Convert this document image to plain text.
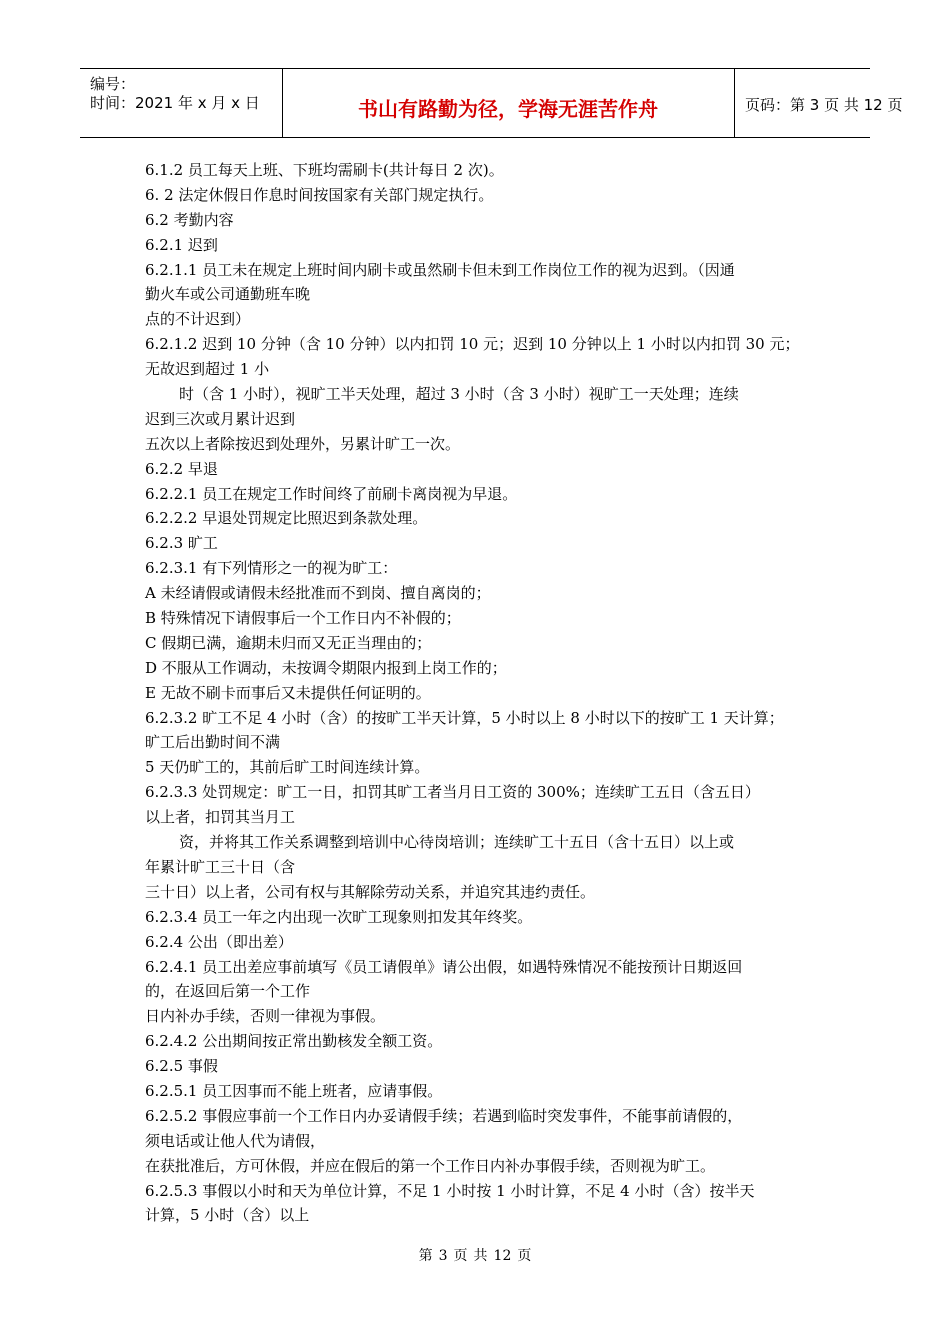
编号：
时间：2021 年 x 月 x 日	书山有路勤为径，学海无涯苦作舟	页码：第 3 页 共 12 页
6.1.2 员工每天上班、下班均需刷卡(共计每日 2 次)。
6. 2 法定休假日作息时间按国家有关部门规定执行。
6.2 考勤内容
6.2.1 迟到
6.2.1.1 员工未在规定上班时间内刷卡或虽然刷卡但未到工作岗位工作的视为迟到。（因通
勤火车或公司通勤班车晚
点的不计迟到）
6.2.1.2 迟到 10 分钟（含 10 分钟）以内扣罚 10 元；迟到 10 分钟以上 1 小时以内扣罚 30 元；
无故迟到超过 1 小
时（含 1 小时），视旷工半天处理，超过 3 小时（含 3 小时）视旷工一天处理；连续
迟到三次或月累计迟到
五次以上者除按迟到处理外，另累计旷工一次。
6.2.2 早退
6.2.2.1 员工在规定工作时间终了前刷卡离岗视为早退。
6.2.2.2 早退处罚规定比照迟到条款处理。
6.2.3 旷工
6.2.3.1 有下列情形之一的视为旷工：
A 未经请假或请假未经批准而不到岗、擅自离岗的；
B 特殊情况下请假事后一个工作日内不补假的；
C 假期已满，逾期未归而又无正当理由的；
D 不服从工作调动，未按调令期限内报到上岗工作的；
E 无故不刷卡而事后又未提供任何证明的。
6.2.3.2 旷工不足 4 小时（含）的按旷工半天计算，5 小时以上 8 小时以下的按旷工 1 天计算；
旷工后出勤时间不满
5 天仍旷工的，其前后旷工时间连续计算。
6.2.3.3 处罚规定：旷工一日，扣罚其旷工者当月日工资的 300%；连续旷工五日（含五日）
以上者，扣罚其当月工
资，并将其工作关系调整到培训中心待岗培训；连续旷工十五日（含十五日）以上或
年累计旷工三十日（含
三十日）以上者，公司有权与其解除劳动关系，并追究其违约责任。
6.2.3.4 员工一年之内出现一次旷工现象则扣发其年终奖。
6.2.4 公出（即出差）
6.2.4.1 员工出差应事前填写《员工请假单》请公出假，如遇特殊情况不能按预计日期返回
的，在返回后第一个工作
日内补办手续，否则一律视为事假。
6.2.4.2 公出期间按正常出勤核发全额工资。
6.2.5 事假
6.2.5.1 员工因事而不能上班者，应请事假。
6.2.5.2 事假应事前一个工作日内办妥请假手续；若遇到临时突发事件，不能事前请假的，
须电话或让他人代为请假，
在获批准后，方可休假，并应在假后的第一个工作日内补办事假手续，否则视为旷工。
6.2.5.3 事假以小时和天为单位计算，不足 1 小时按 1 小时计算，不足 4 小时（含）按半天
计算，5 小时（含）以上
第 3 页 共 12 页
